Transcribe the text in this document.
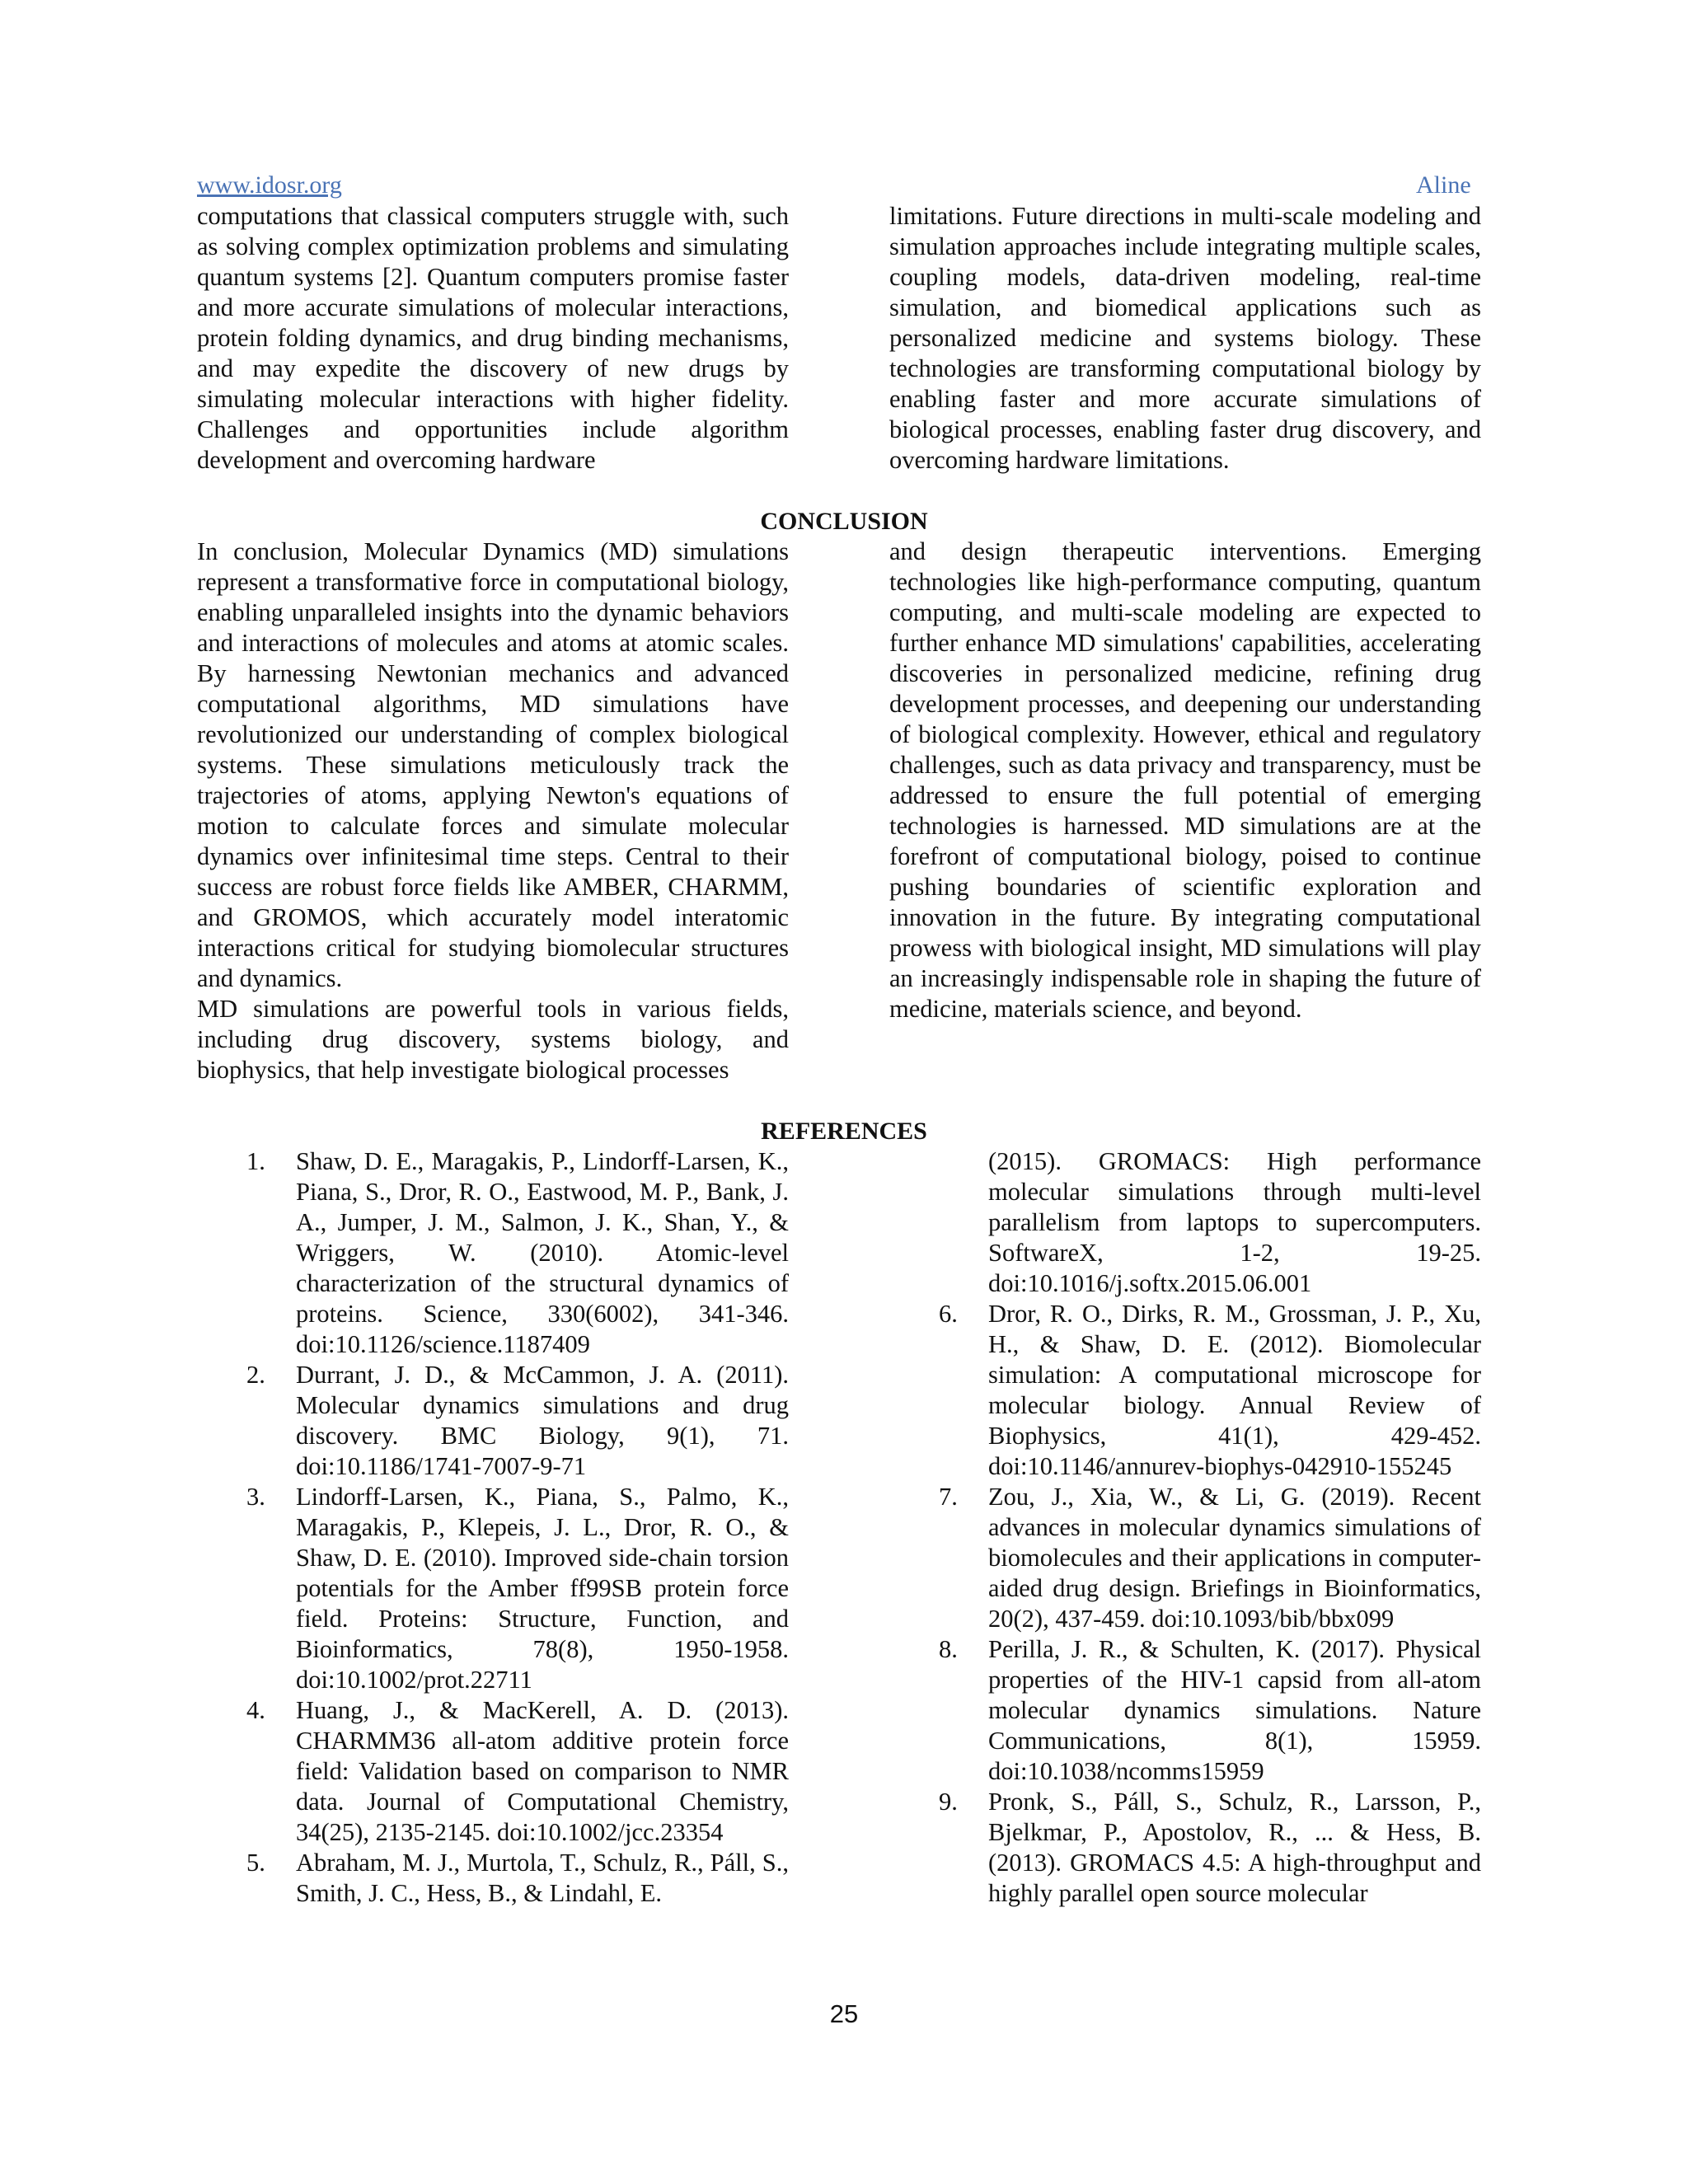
www.idosr.org	Aline

computations that classical computers struggle with, such as solving complex optimization problems and simulating quantum systems [2]. Quantum computers promise faster and more accurate simulations of molecular interactions, protein folding dynamics, and drug binding mechanisms, and may expedite the discovery of new drugs by simulating molecular interactions with higher fidelity. Challenges and opportunities include algorithm development and overcoming hardware

limitations. Future directions in multi-scale modeling and simulation approaches include integrating multiple scales, coupling models, data-driven modeling, real-time simulation, and biomedical applications such as personalized medicine and systems biology. These technologies are transforming computational biology by enabling faster and more accurate simulations of biological processes, enabling faster drug discovery, and overcoming hardware limitations.

CONCLUSION

In conclusion, Molecular Dynamics (MD) simulations represent a transformative force in computational biology, enabling unparalleled insights into the dynamic behaviors and interactions of molecules and atoms at atomic scales. By harnessing Newtonian mechanics and advanced computational algorithms, MD simulations have revolutionized our understanding of complex biological systems. These simulations meticulously track the trajectories of atoms, applying Newton's equations of motion to calculate forces and simulate molecular dynamics over infinitesimal time steps. Central to their success are robust force fields like AMBER, CHARMM, and GROMOS, which accurately model interatomic interactions critical for studying biomolecular structures and dynamics.

MD simulations are powerful tools in various fields, including drug discovery, systems biology, and biophysics, that help investigate biological processes

and design therapeutic interventions. Emerging technologies like high-performance computing, quantum computing, and multi-scale modeling are expected to further enhance MD simulations' capabilities, accelerating discoveries in personalized medicine, refining drug development processes, and deepening our understanding of biological complexity. However, ethical and regulatory challenges, such as data privacy and transparency, must be addressed to ensure the full potential of emerging technologies is harnessed. MD simulations are at the forefront of computational biology, poised to continue pushing boundaries of scientific exploration and innovation in the future. By integrating computational prowess with biological insight, MD simulations will play an increasingly indispensable role in shaping the future of medicine, materials science, and beyond.

REFERENCES
1. Shaw, D. E., Maragakis, P., Lindorff-Larsen, K., Piana, S., Dror, R. O., Eastwood, M. P., Bank, J. A., Jumper, J. M., Salmon, J. K., Shan, Y., & Wriggers, W. (2010). Atomic-level characterization of the structural dynamics of proteins. Science, 330(6002), 341-346. doi:10.1126/science.1187409
2. Durrant, J. D., & McCammon, J. A. (2011). Molecular dynamics simulations and drug discovery. BMC Biology, 9(1), 71. doi:10.1186/1741-7007-9-71
3. Lindorff-Larsen, K., Piana, S., Palmo, K., Maragakis, P., Klepeis, J. L., Dror, R. O., & Shaw, D. E. (2010). Improved side-chain torsion potentials for the Amber ff99SB protein force field. Proteins: Structure, Function, and Bioinformatics, 78(8), 1950-1958. doi:10.1002/prot.22711
4. Huang, J., & MacKerell, A. D. (2013). CHARMM36 all-atom additive protein force field: Validation based on comparison to NMR data. Journal of Computational Chemistry, 34(25), 2135-2145. doi:10.1002/jcc.23354
5. Abraham, M. J., Murtola, T., Schulz, R., Páll, S., Smith, J. C., Hess, B., & Lindahl, E.
(2015). GROMACS: High performance molecular simulations through multi-level parallelism from laptops to supercomputers. SoftwareX, 1-2, 19-25. doi:10.1016/j.softx.2015.06.001
6. Dror, R. O., Dirks, R. M., Grossman, J. P., Xu, H., & Shaw, D. E. (2012). Biomolecular simulation: A computational microscope for molecular biology. Annual Review of Biophysics, 41(1), 429-452. doi:10.1146/annurev-biophys-042910-155245
7. Zou, J., Xia, W., & Li, G. (2019). Recent advances in molecular dynamics simulations of biomolecules and their applications in computer-aided drug design. Briefings in Bioinformatics, 20(2), 437-459. doi:10.1093/bib/bbx099
8. Perilla, J. R., & Schulten, K. (2017). Physical properties of the HIV-1 capsid from all-atom molecular dynamics simulations. Nature Communications, 8(1), 15959. doi:10.1038/ncomms15959
9. Pronk, S., Páll, S., Schulz, R., Larsson, P., Bjelkmar, P., Apostolov, R., ... & Hess, B. (2013). GROMACS 4.5: A high-throughput and highly parallel open source molecular
25
